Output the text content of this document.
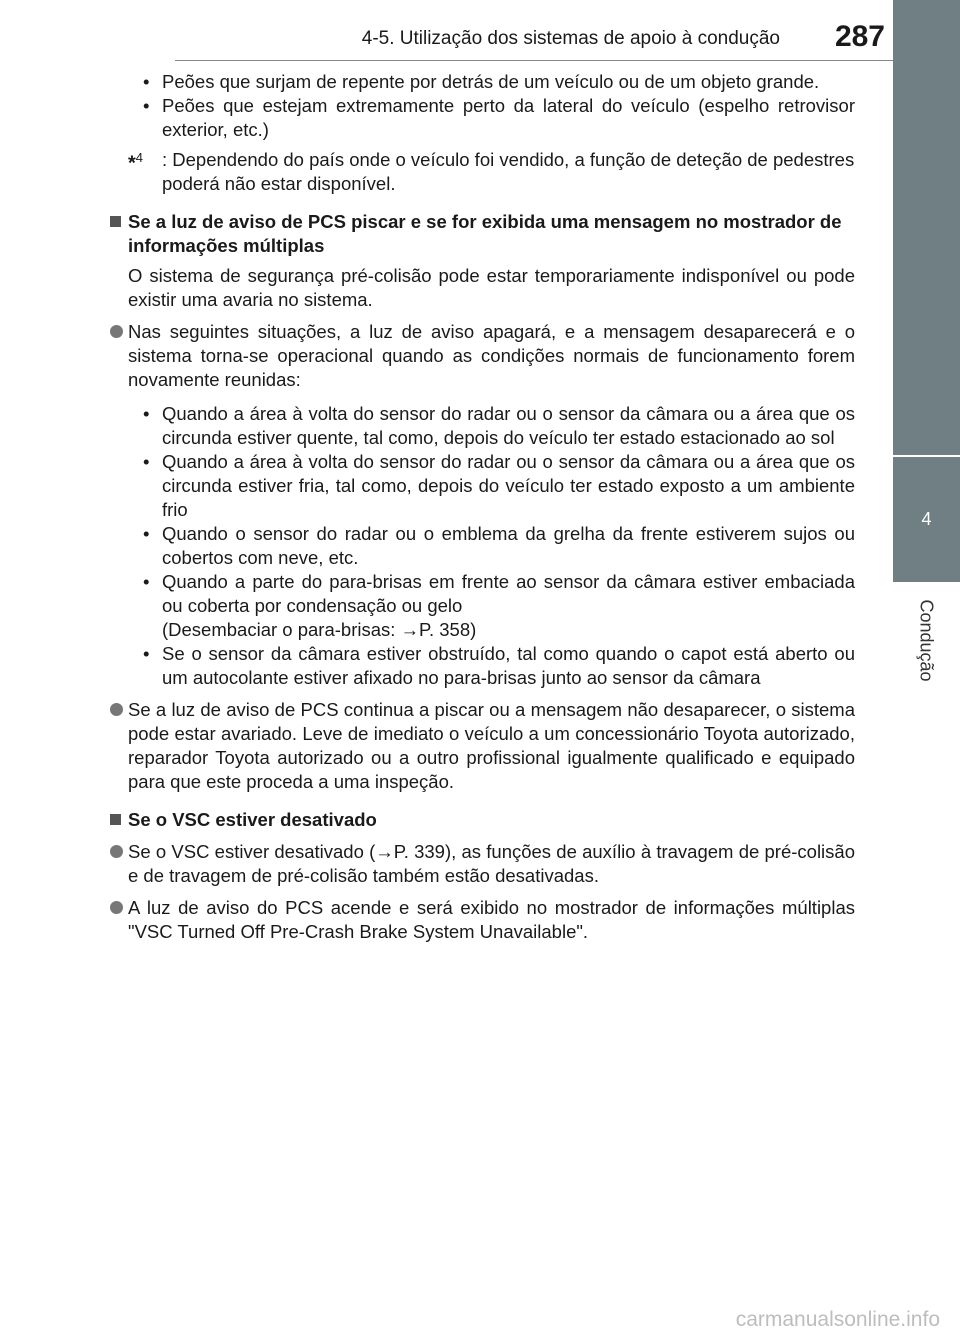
4-5. Utilização dos sistemas de apoio à condução 287
4
Condução
• Peões que surjam de repente por detrás de um veículo ou de um objeto grande.
• Peões que estejam extremamente perto da lateral do veículo (espelho retrovisor exterior, etc.)
*$^4$ : Dependendo do país onde o veículo foi vendido, a função de deteção de pedestres poderá não estar disponível.
Se a luz de aviso de PCS piscar e se for exibida uma mensagem no mostrador de informações múltiplas

O sistema de segurança pré-colisão pode estar temporariamente indisponível ou pode existir uma avaria no sistema.

Nas seguintes situações, a luz de aviso apagará, e a mensagem desaparecerá e o sistema torna-se operacional quando as condições normais de funcionamento forem novamente reunidas:
• Quando a área à volta do sensor do radar ou o sensor da câmara ou a área que os circunda estiver quente, tal como, depois do veículo ter estado estacionado ao sol
• Quando a área à volta do sensor do radar ou o sensor da câmara ou a área que os circunda estiver fria, tal como, depois do veículo ter estado exposto a um ambiente frio
• Quando o sensor do radar ou o emblema da grelha da frente estiverem sujos ou cobertos com neve, etc.
• Quando a parte do para-brisas em frente ao sensor da câmara estiver embaciada ou coberta por condensação ou gelo
(Desembaciar o para-brisas: →P. 358)
• Se o sensor da câmara estiver obstruído, tal como quando o capot está aberto ou um autocolante estiver afixado no para-brisas junto ao sensor da câmara
Se a luz de aviso de PCS continua a piscar ou a mensagem não desaparecer, o sistema pode estar avariado. Leve de imediato o veículo a um concessionário Toyota autorizado, reparador Toyota autorizado ou a outro profissional igualmente qualificado e equipado para que este proceda a uma inspeção.
Se o VSC estiver desativado
Se o VSC estiver desativado (→P. 339), as funções de auxílio à travagem de pré-colisão e de travagem de pré-colisão também estão desativadas.
A luz de aviso do PCS acende e será exibido no mostrador de informações múltiplas "VSC Turned Off Pre-Crash Brake System Unavailable".
carmanualsonline.info
